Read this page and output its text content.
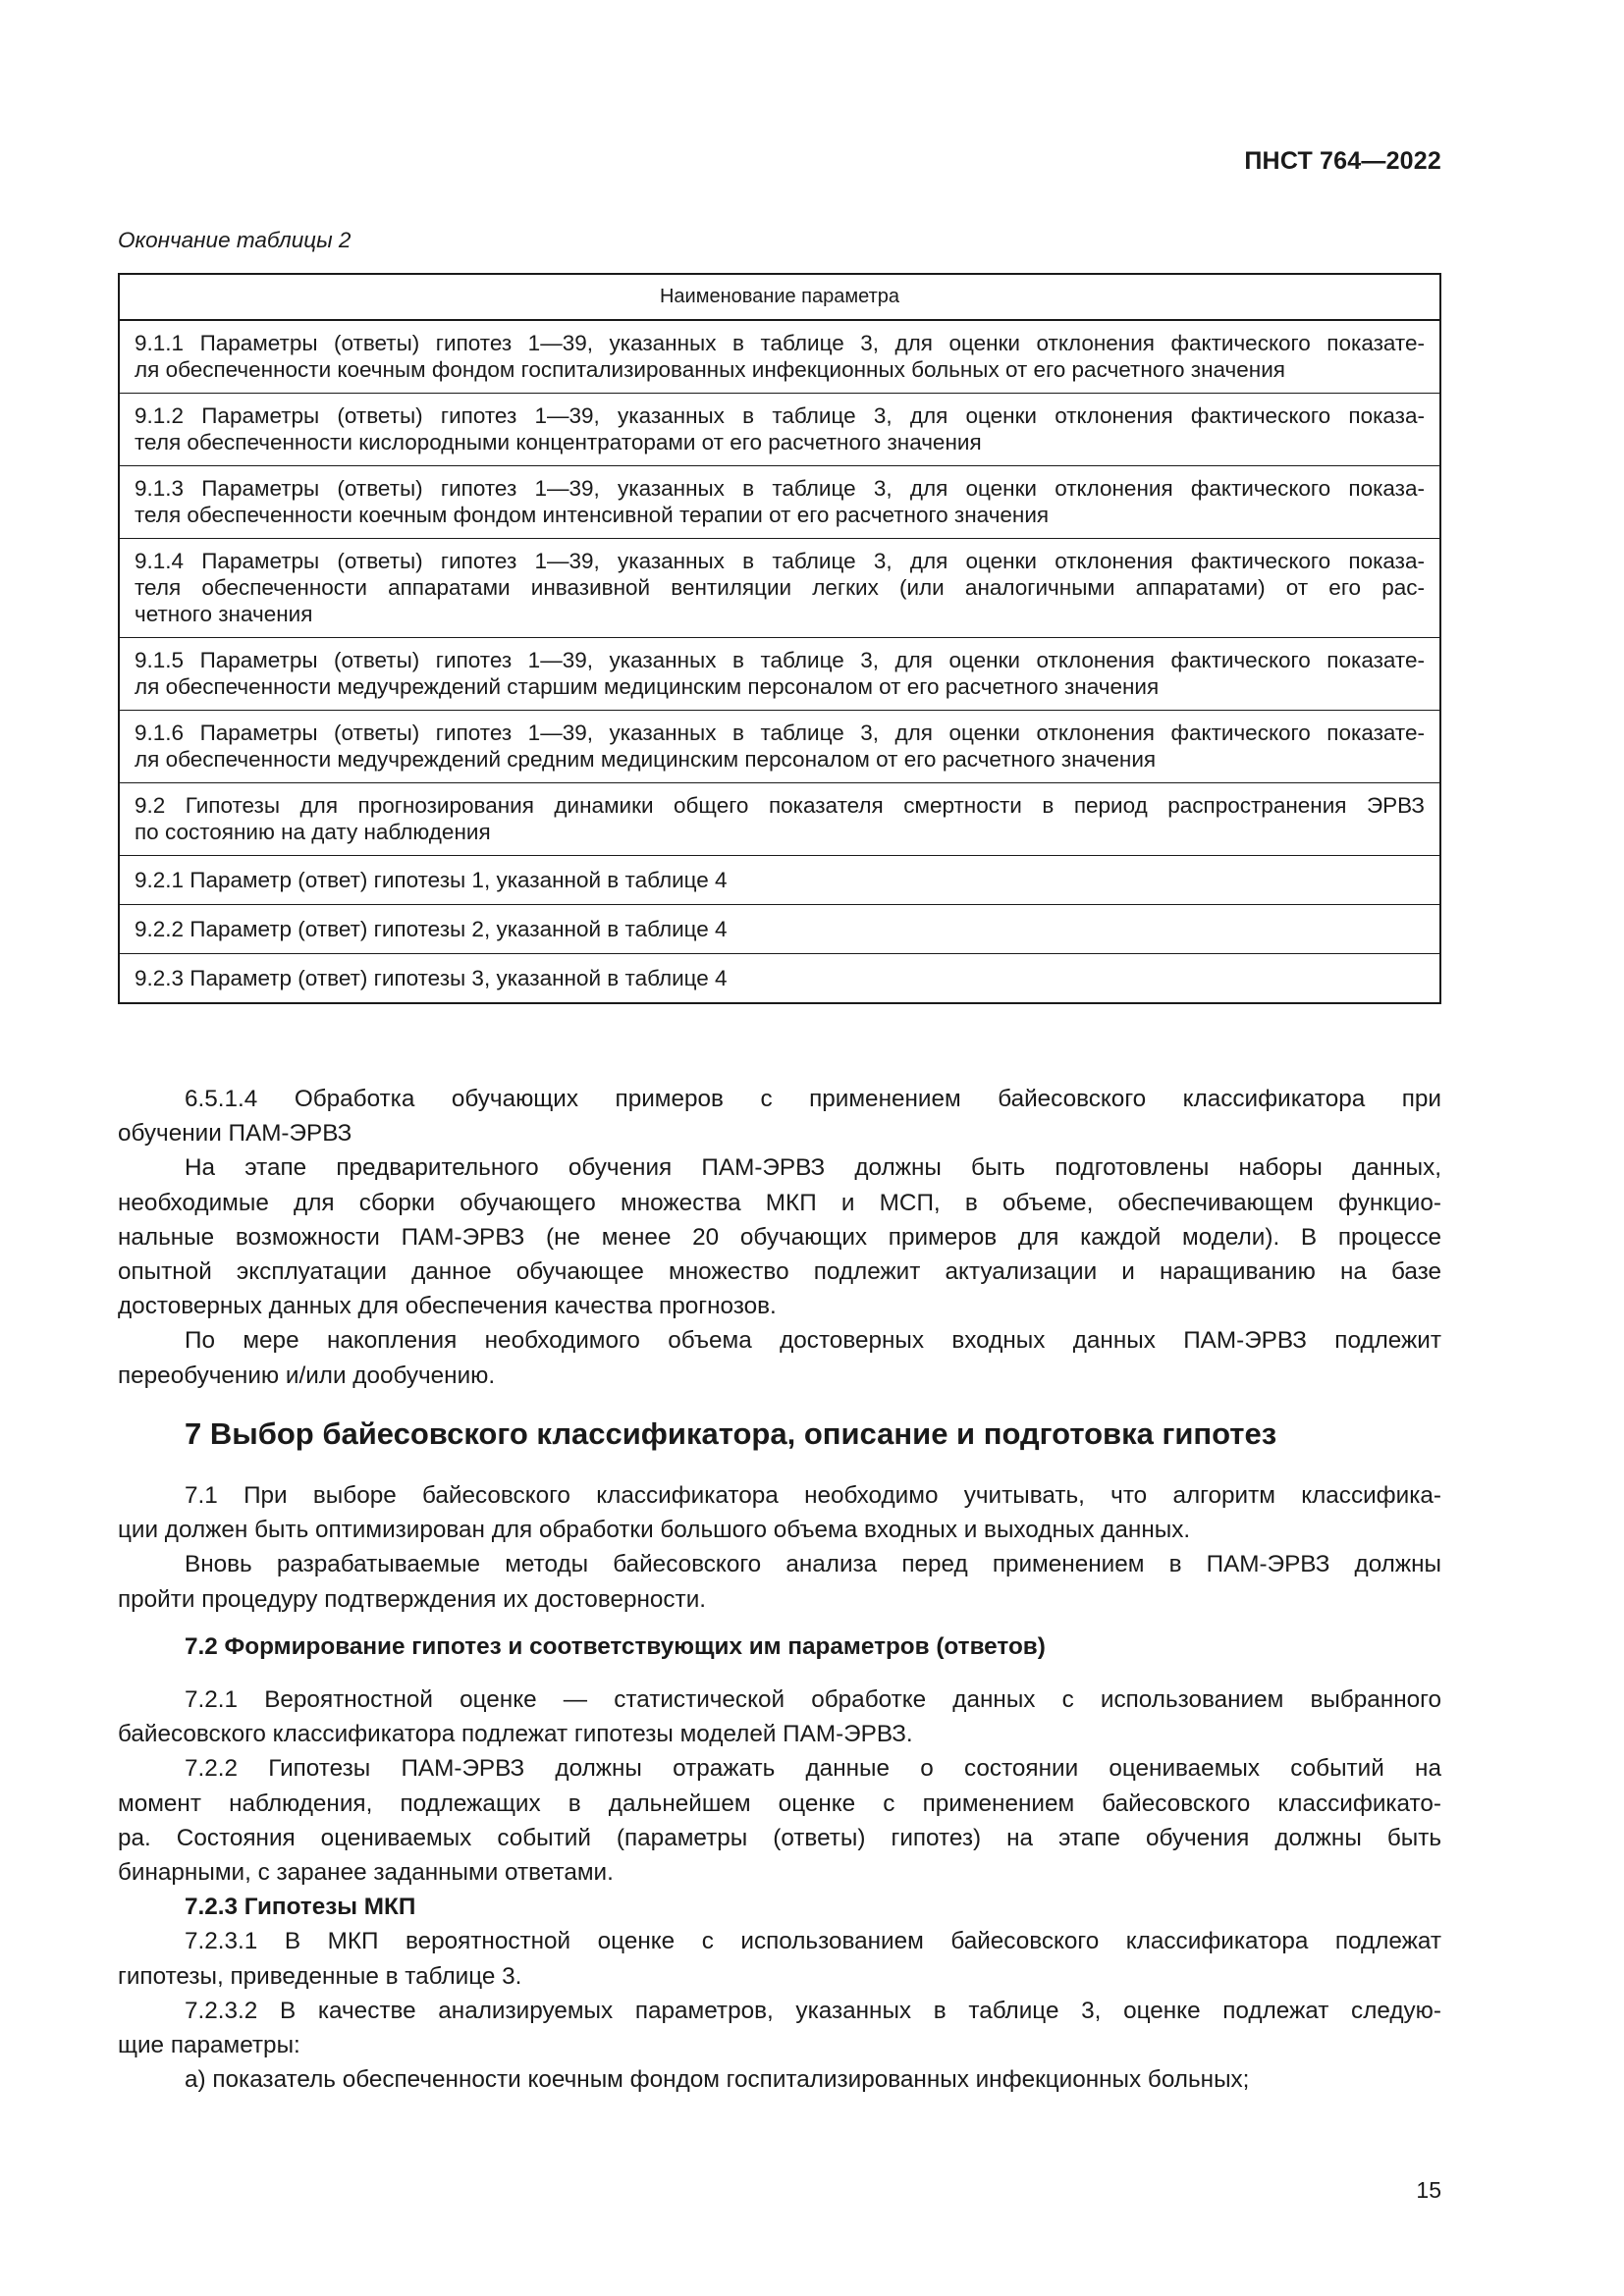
ПНСТ 764—2022
Окончание таблицы 2
Наименование параметра

9.1.1 Параметры (ответы) гипотез 1—39, указанных в таблице 3, для оценки отклонения фактического показате-
ля обеспеченности коечным фондом госпитализированных инфекционных больных от его расчетного значения

9.1.2 Параметры (ответы) гипотез 1—39, указанных в таблице 3, для оценки отклонения фактического показа-
теля обеспеченности кислородными концентраторами от его расчетного значения

9.1.3 Параметры (ответы) гипотез 1—39, указанных в таблице 3, для оценки отклонения фактического показа-
теля обеспеченности коечным фондом интенсивной терапии от его расчетного значения

9.1.4 Параметры (ответы) гипотез 1—39, указанных в таблице 3, для оценки отклонения фактического показа-
теля обеспеченности аппаратами инвазивной вентиляции легких (или аналогичными аппаратами) от его рас-
четного значения

9.1.5 Параметры (ответы) гипотез 1—39, указанных в таблице 3, для оценки отклонения фактического показате-
ля обеспеченности медучреждений старшим медицинским персоналом от его расчетного значения

9.1.6 Параметры (ответы) гипотез 1—39, указанных в таблице 3, для оценки отклонения фактического показате-
ля обеспеченности медучреждений средним медицинским персоналом от его расчетного значения

9.2 Гипотезы для прогнозирования динамики общего показателя смертности в период распространения ЭРВЗ
по состоянию на дату наблюдения

9.2.1 Параметр (ответ) гипотезы 1, указанной в таблице 4

9.2.2 Параметр (ответ) гипотезы 2, указанной в таблице 4

9.2.3 Параметр (ответ) гипотезы 3, указанной в таблице 4

6.5.1.4 Обработка обучающих примеров с применением байесовского классификатора при
обучении ПАМ-ЭРВЗ

На этапе предварительного обучения ПАМ-ЭРВЗ должны быть подготовлены наборы данных,
необходимые для сборки обучающего множества МКП и МСП, в объеме, обеспечивающем функцио-
нальные возможности ПАМ-ЭРВЗ (не менее 20 обучающих примеров для каждой модели). В процессе
опытной эксплуатации данное обучающее множество подлежит актуализации и наращиванию на базе
достоверных данных для обеспечения качества прогнозов.

По мере накопления необходимого объема достоверных входных данных ПАМ-ЭРВЗ подлежит
переобучению и/или дообучению.

7 Выбор байесовского классификатора, описание и подготовка гипотез

7.1 При выборе байесовского классификатора необходимо учитывать, что алгоритм классифика-
ции должен быть оптимизирован для обработки большого объема входных и выходных данных.

Вновь разрабатываемые методы байесовского анализа перед применением в ПАМ-ЭРВЗ должны
пройти процедуру подтверждения их достоверности.

7.2 Формирование гипотез и соответствующих им параметров (ответов)

7.2.1 Вероятностной оценке — статистической обработке данных с использованием выбранного
байесовского классификатора подлежат гипотезы моделей ПАМ-ЭРВЗ.

7.2.2 Гипотезы ПАМ-ЭРВЗ должны отражать данные о состоянии оцениваемых событий на
момент наблюдения, подлежащих в дальнейшем оценке с применением байесовского классификато-
ра. Состояния оцениваемых событий (параметры (ответы) гипотез) на этапе обучения должны быть
бинарными, с заранее заданными ответами.

7.2.3 Гипотезы МКП

7.2.3.1 В МКП вероятностной оценке с использованием байесовского классификатора подлежат
гипотезы, приведенные в таблице 3.

7.2.3.2 В качестве анализируемых параметров, указанных в таблице 3, оценке подлежат следую-
щие параметры:

а) показатель обеспеченности коечным фондом госпитализированных инфекционных больных;

15
